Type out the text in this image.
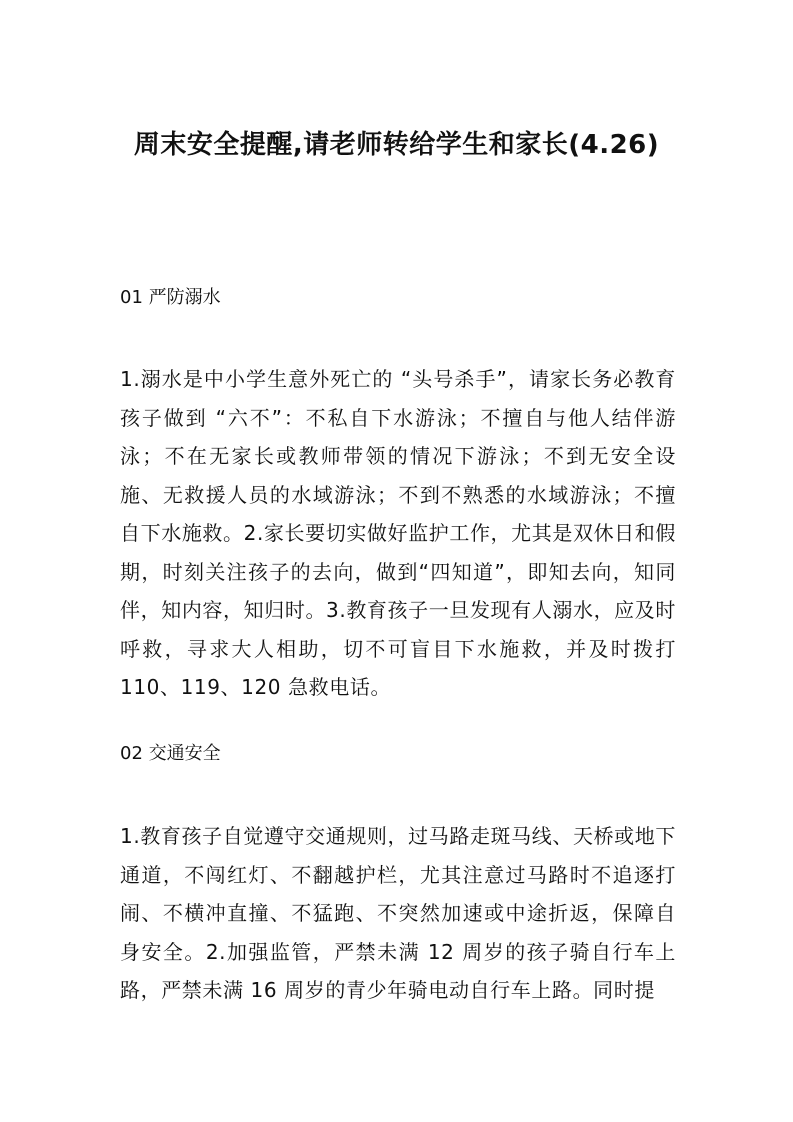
周末安全提醒,请老师转给学生和家长(4.26)
01 严防溺水

1.溺水是中小学生意外死亡的 “头号杀手”，请家长务必教育孩子做到 “六不”：不私自下水游泳；不擅自与他人结伴游泳；不在无家长或教师带领的情况下游泳；不到无安全设施、无救援人员的水域游泳；不到不熟悉的水域游泳；不擅自下水施救。2.家长要切实做好监护工作，尤其是双休日和假期，时刻关注孩子的去向，做到“四知道”，即知去向，知同伴，知内容，知归时。3.教育孩子一旦发现有人溺水，应及时呼救，寻求大人相助，切不可盲目下水施救，并及时拨打 110、119、120 急救电话。

02 交通安全

1.教育孩子自觉遵守交通规则，过马路走斑马线、天桥或地下通道，不闯红灯、不翻越护栏，尤其注意过马路时不追逐打闹、不横冲直撞、不猛跑、不突然加速或中途折返，保障自身安全。2.加强监管，严禁未满 12 周岁的孩子骑自行车上路，严禁未满 16 周岁的青少年骑电动自行车上路。同时提
